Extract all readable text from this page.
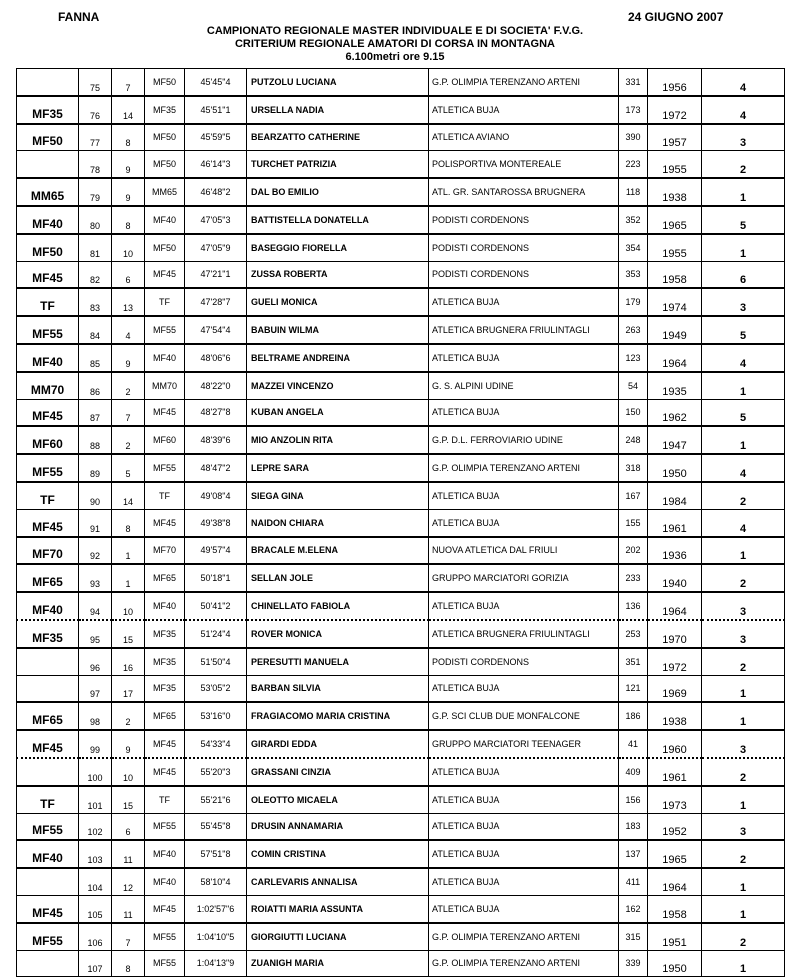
FANNA	24 GIUGNO 2007
CAMPIONATO REGIONALE MASTER INDIVIDUALE E DI SOCIETA' F.V.G.
CRITERIUM REGIONALE AMATORI DI CORSA IN MONTAGNA
6.100metri ore 9.15
	75	7	MF50	45'45"4	PUTZOLU LUCIANA	G.P. OLIMPIA TERENZANO ARTENI	331	1956	4
MF35	76	14	MF35	45'51"1	URSELLA NADIA	ATLETICA BUJA	173	1972	4
MF50	77	8	MF50	45'59"5	BEARZATTO CATHERINE	ATLETICA AVIANO	390	1957	3
	78	9	MF50	46'14"3	TURCHET PATRIZIA	POLISPORTIVA MONTEREALE	223	1955	2
MM65	79	9	MM65	46'48"2	DAL BO EMILIO	ATL. GR. SANTAROSSA BRUGNERA	118	1938	1
MF40	80	8	MF40	47'05"3	BATTISTELLA DONATELLA	PODISTI CORDENONS	352	1965	5
MF50	81	10	MF50	47'05"9	BASEGGIO FIORELLA	PODISTI CORDENONS	354	1955	1
MF45	82	6	MF45	47'21"1	ZUSSA ROBERTA	PODISTI CORDENONS	353	1958	6
TF	83	13	TF	47'28"7	GUELI MONICA	ATLETICA BUJA	179	1974	3
MF55	84	4	MF55	47'54"4	BABUIN WILMA	ATLETICA BRUGNERA FRIULINTAGLI	263	1949	5
MF40	85	9	MF40	48'06"6	BELTRAME ANDREINA	ATLETICA BUJA	123	1964	4
MM70	86	2	MM70	48'22"0	MAZZEI VINCENZO	G. S. ALPINI UDINE	54	1935	1
MF45	87	7	MF45	48'27"8	KUBAN ANGELA	ATLETICA BUJA	150	1962	5
MF60	88	2	MF60	48'39"6	MIO ANZOLIN RITA	G.P. D.L. FERROVIARIO UDINE	248	1947	1
MF55	89	5	MF55	48'47"2	LEPRE SARA	G.P. OLIMPIA TERENZANO ARTENI	318	1950	4
TF	90	14	TF	49'08"4	SIEGA GINA	ATLETICA BUJA	167	1984	2
MF45	91	8	MF45	49'38"8	NAIDON CHIARA	ATLETICA BUJA	155	1961	4
MF70	92	1	MF70	49'57"4	BRACALE M.ELENA	NUOVA ATLETICA DAL FRIULI	202	1936	1
MF65	93	1	MF65	50'18"1	SELLAN JOLE	GRUPPO MARCIATORI GORIZIA	233	1940	2
MF40	94	10	MF40	50'41"2	CHINELLATO FABIOLA	ATLETICA BUJA	136	1964	3
MF35	95	15	MF35	51'24"4	ROVER MONICA	ATLETICA BRUGNERA FRIULINTAGLI	253	1970	3
	96	16	MF35	51'50"4	PERESUTTI MANUELA	PODISTI CORDENONS	351	1972	2
	97	17	MF35	53'05"2	BARBAN SILVIA	ATLETICA BUJA	121	1969	1
MF65	98	2	MF65	53'16"0	FRAGIACOMO MARIA CRISTINA	G.P. SCI CLUB DUE MONFALCONE	186	1938	1
MF45	99	9	MF45	54'33"4	GIRARDI EDDA	GRUPPO MARCIATORI TEENAGER	41	1960	3
	100	10	MF45	55'20"3	GRASSANI CINZIA	ATLETICA BUJA	409	1961	2
TF	101	15	TF	55'21"6	OLEOTTO MICAELA	ATLETICA BUJA	156	1973	1
MF55	102	6	MF55	55'45"8	DRUSIN ANNAMARIA	ATLETICA BUJA	183	1952	3
MF40	103	11	MF40	57'51"8	COMIN CRISTINA	ATLETICA BUJA	137	1965	2
	104	12	MF40	58'10"4	CARLEVARIS ANNALISA	ATLETICA BUJA	411	1964	1
MF45	105	11	MF45	1:02'57"6	ROIATTI MARIA ASSUNTA	ATLETICA BUJA	162	1958	1
MF55	106	7	MF55	1:04'10"5	GIORGIUTTI LUCIANA	G.P. OLIMPIA TERENZANO ARTENI	315	1951	2
	107	8	MF55	1:04'13"9	ZUANIGH MARIA	G.P. OLIMPIA TERENZANO ARTENI	339	1950	1
